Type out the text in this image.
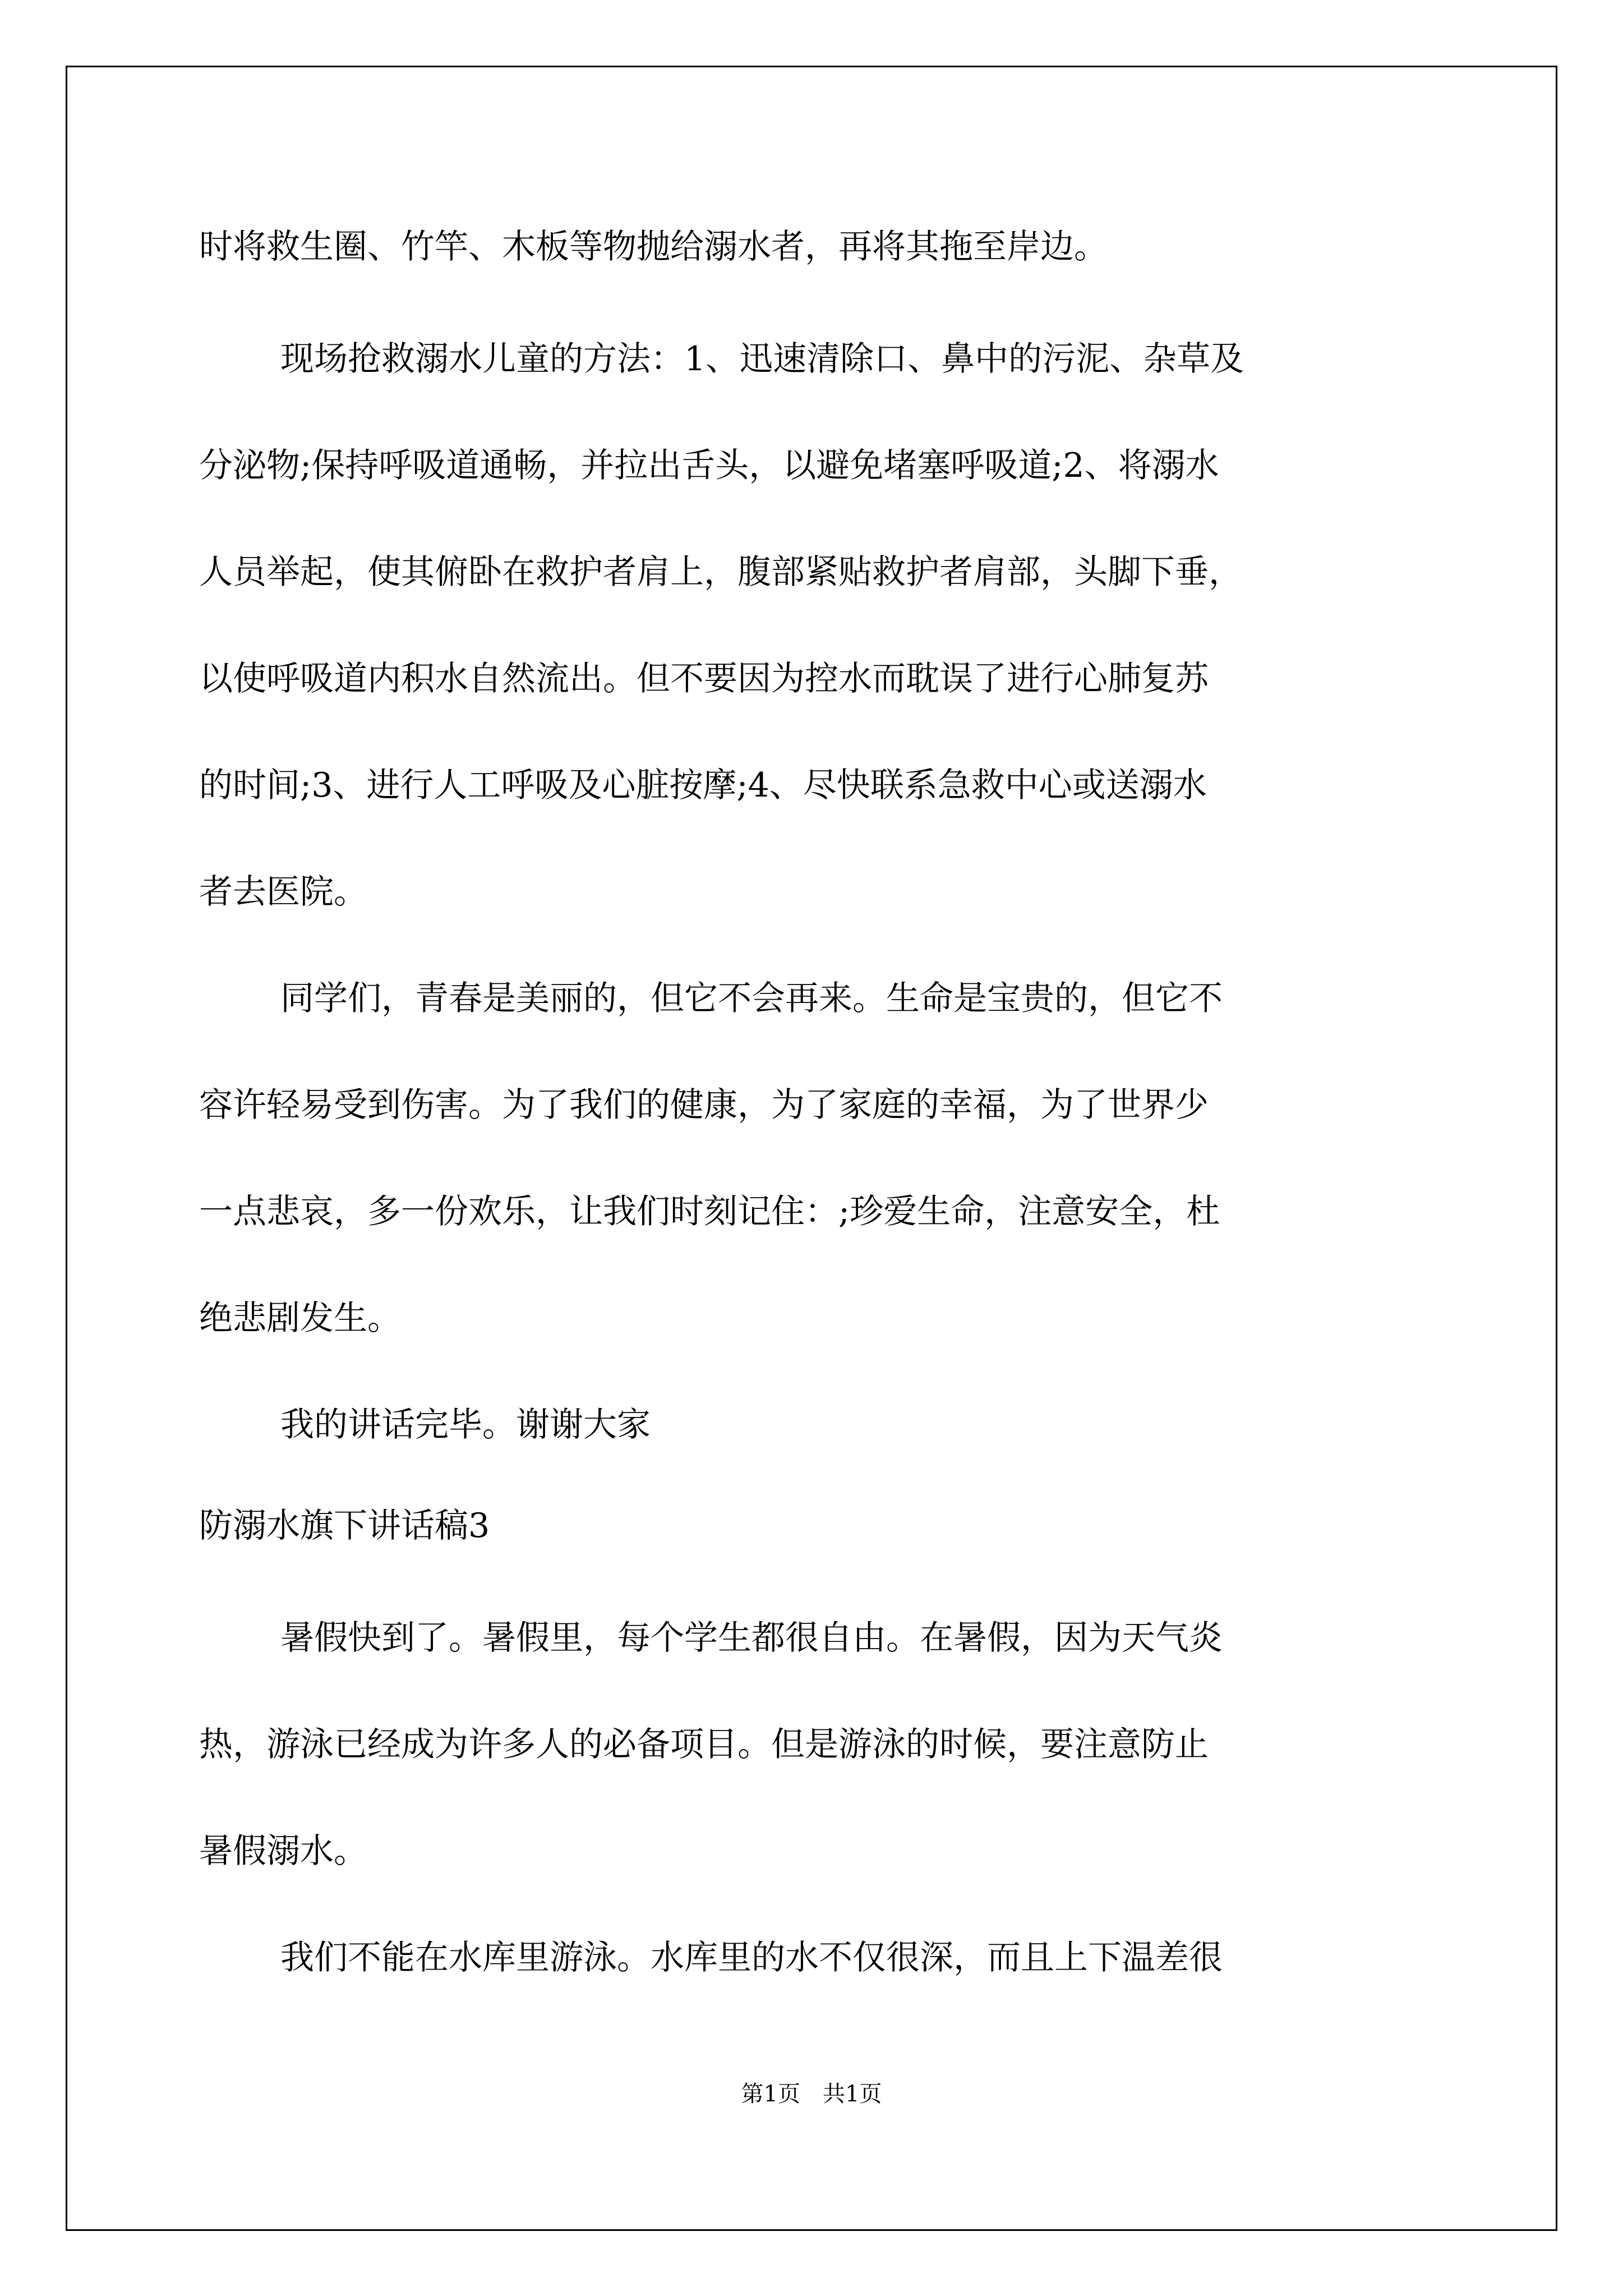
时将救生圈、竹竿、木板等物抛给溺水者，再将其拖至岸边。
现场抢救溺水儿童的方法：1、迅速清除口、鼻中的污泥、杂草及
分泌物;保持呼吸道通畅，并拉出舌头，以避免堵塞呼吸道;2、将溺水
人员举起，使其俯卧在救护者肩上，腹部紧贴救护者肩部，头脚下垂，
以使呼吸道内积水自然流出。但不要因为控水而耽误了进行心肺复苏
的时间;3、进行人工呼吸及心脏按摩;4、尽快联系急救中心或送溺水
者去医院。
同学们，青春是美丽的，但它不会再来。生命是宝贵的，但它不
容许轻易受到伤害。为了我们的健康，为了家庭的幸福，为了世界少
一点悲哀，多一份欢乐，让我们时刻记住：;珍爱生命，注意安全，杜
绝悲剧发生。
我的讲话完毕。谢谢大家
防溺水旗下讲话稿3
暑假快到了。暑假里，每个学生都很自由。在暑假，因为天气炎
热，游泳已经成为许多人的必备项目。但是游泳的时候，要注意防止
暑假溺水。
我们不能在水库里游泳。水库里的水不仅很深，而且上下温差很
第1页 共1页
